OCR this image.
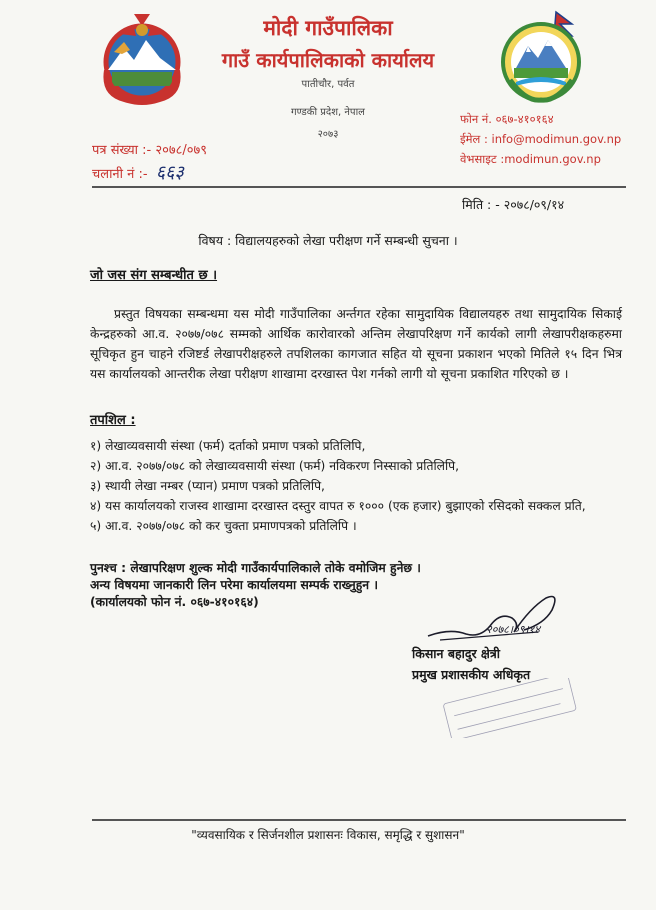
मोदी गाउँपालिका
गाउँ कार्यपालिकाको कार्यालय
पातीचौर, पर्वत
गण्डकी प्रदेश, नेपाल
२०७३
फोन नं. ०६७-४१०१६४
ईमेल : info@modimun.gov.np
वेभसाइट :modimun.gov.np
पत्र संख्या :- २०७८/०७९
चलानी नं :- ६६३
मिति : - २०७८/०९/१४
विषय : विद्यालयहरुको लेखा परीक्षण गर्ने सम्बन्धी सुचना ।
जो जस संग सम्बन्धीत छ ।

प्रस्तुत विषयका सम्बन्धमा यस मोदी गाउँपालिका अर्न्तगत रहेका सामुदायिक विद्यालयहरु तथा सामुदायिक सिकाई केन्द्रहरुको आ.व. २०७७/०७८ सम्मको आर्थिक कारोवारको अन्तिम लेखापरिक्षण गर्ने कार्यको लागी लेखापरीक्षकहरुमा सूचिकृत हुन चाहने रजिष्टर्ड लेखापरीक्षहरुले तपशिलका कागजात सहित यो सूचना प्रकाशन भएको मितिले १५ दिन भित्र यस कार्यालयको आन्तरीक लेखा परीक्षण शाखामा दरखास्त पेश गर्नको लागी यो सूचना प्रकाशित गरिएको छ ।

तपशिल :
१) लेखाव्यवसायी संस्था (फर्म) दर्ताको प्रमाण पत्रको प्रतिलिपि,
२) आ.व. २०७७/०७८ को लेखाव्यवसायी संस्था (फर्म) नविकरण निस्साको प्रतिलिपि,
३) स्थायी लेखा नम्बर (प्यान) प्रमाण पत्रको प्रतिलिपि,
४) यस कार्यालयको राजस्व शाखामा दरखास्त दस्तुर वापत रु १००० (एक हजार) बुझाएको रसिदको सक्कल प्रति,
५) आ.व. २०७७/०७८ को कर चुक्ता प्रमाणपत्रको प्रतिलिपि ।
पुनश्च : लेखापरिक्षण शुल्क मोदी गाउँकार्यपालिकाले तोके वमोजिम हुनेछ ।
अन्य विषयमा जानकारी लिन परेमा कार्यालयमा सम्पर्क राख्नुहुन ।
(कार्यालयको फोन नं. ०६७-४१०१६४)
२०७८।०९।१४
किसान बहादुर क्षेत्री
प्रमुख प्रशासकीय अधिकृत
"व्यवसायिक र सिर्जनशील प्रशासनः विकास, समृद्धि र सुशासन"
